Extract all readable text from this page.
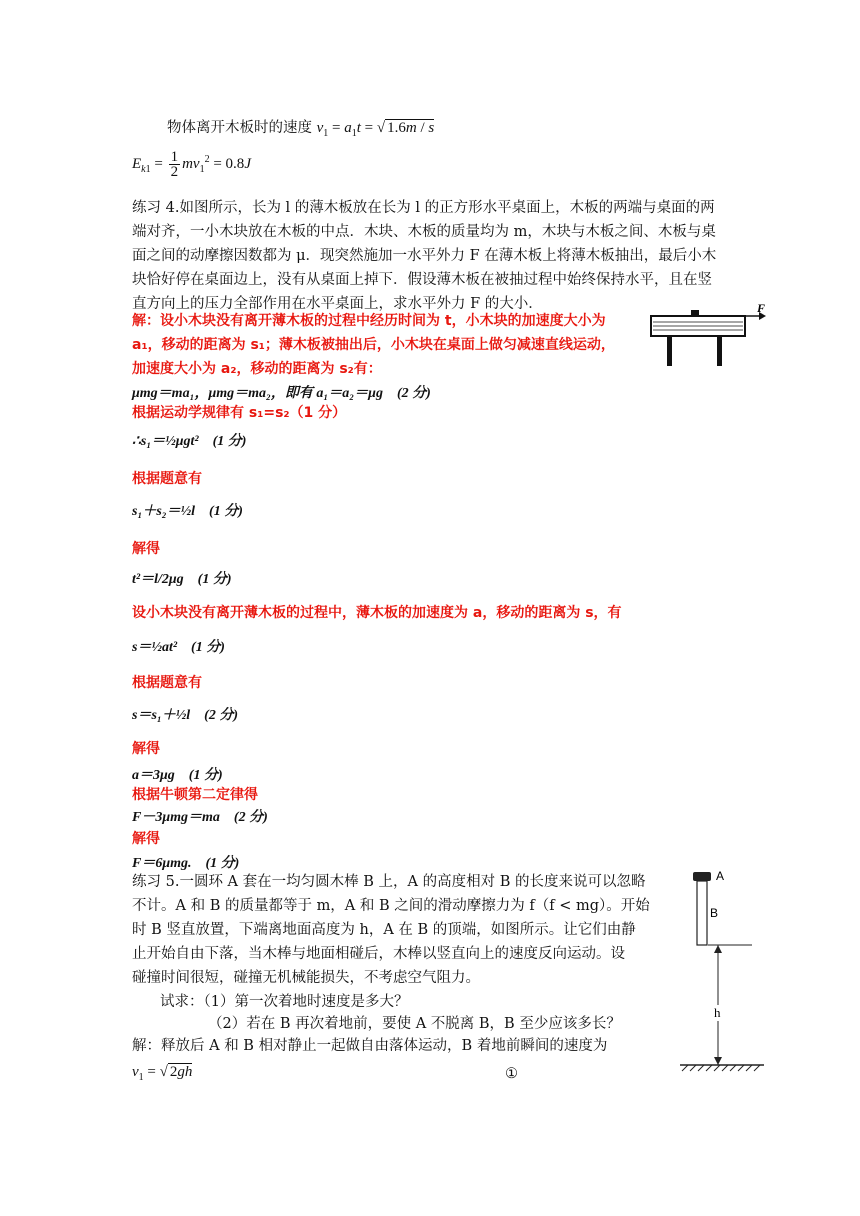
物体离开木板时的速度 $v_1 = a_1t$ = √ 1.6m / s
$E_{k1} = \frac{1}{2} mv_1^2 = 0.8J$
练习 4.如图所示，长为 l 的薄木板放在长为 l 的正方形水平桌面上，木板的两端与桌面的两
端对齐，一小木块放在木板的中点．木块、木板的质量均为 m，木块与木板之间、木板与桌
面之间的动摩擦因数都为 μ．现突然施加一水平外力 F 在薄木板上将薄木板抽出，最后小木
块恰好停在桌面边上，没有从桌面上掉下．假设薄木板在被抽过程中始终保持水平，且在竖
直方向上的压力全部作用在水平桌面上，求水平外力 F 的大小．	F
解：设小木块没有离开薄木板的过程中经历时间为 t，小木块的加速度大小为
a₁，移动的距离为 s₁；薄木板被抽出后，小木块在桌面上做匀减速直线运动，
加速度大小为 a₂，移动的距离为 s₂有：
μmg＝ma₁，μmg＝ma₂，即有 a₁＝a₂＝μg　(2 分)
根据运动学规律有 s₁=s₂（1 分）
∴s₁＝½μgt²　(1 分)
根据题意有
s₁＋s₂＝½l　(1 分)
解得
t²＝l/2μg　(1 分)
设小木块没有离开薄木板的过程中，薄木板的加速度为 a，移动的距离为 s，有
s＝½at²　(1 分)
根据题意有
s＝s₁＋½l　(2 分)
解得
a＝3μg　(1 分)
根据牛顿第二定律得
F－3μmg＝ma　(2 分)
解得
F＝6μmg.　(1 分)
练习 5.一圆环 A 套在一均匀圆木棒 B 上，A 的高度相对 B 的长度来说可以忽略
不计。A 和 B 的质量都等于 m，A 和 B 之间的滑动摩擦力为 f（f < mg）。开始
时 B 竖直放置，下端离地面高度为 h，A 在 B 的顶端，如图所示。让它们由静
止开始自由下落，当木棒与地面相碰后，木棒以竖直向上的速度反向运动。设
碰撞时间很短，碰撞无机械能损失，不考虑空气阻力。
试求：（1）第一次着地时速度是多大？
（2）若在 B 再次着地前，要使 A 不脱离 B，B 至少应该多长？
解：释放后 A 和 B 相对静止一起做自由落体运动，B 着地前瞬间的速度为
$v_1$ = √ 2gh	①
A
B
h
